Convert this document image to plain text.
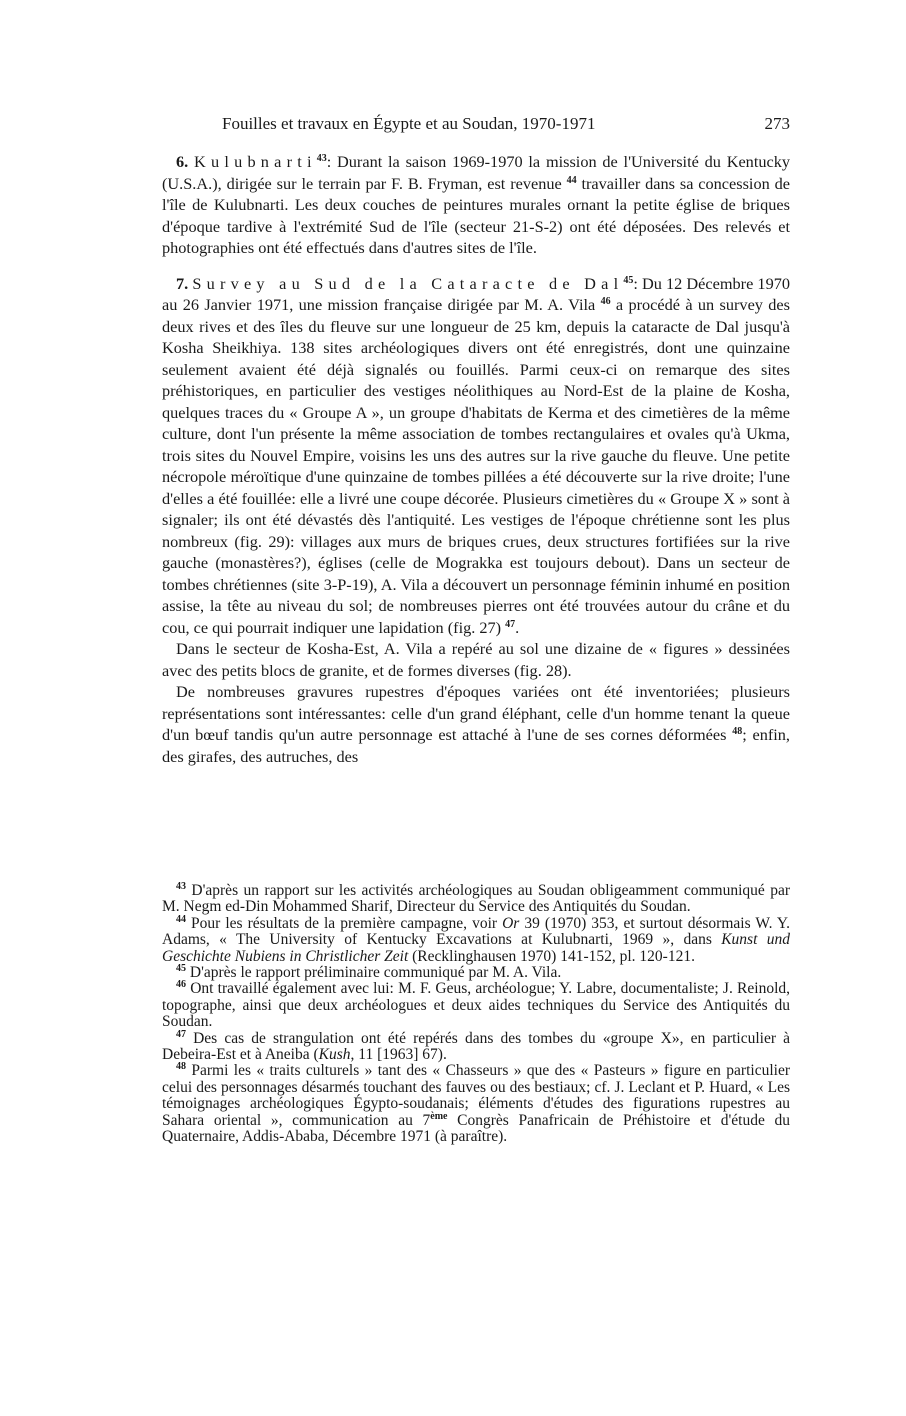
Fouilles et travaux en Égypte et au Soudan, 1970-1971	273

6. Kulubnarti$^{43}$: Durant la saison 1969-1970 la mission de l'Université du Kentucky (U.S.A.), dirigée sur le terrain par F. B. Fryman, est revenue $^{44}$ travailler dans sa concession de l'île de Kulubnarti. Les deux couches de peintures murales ornant la petite église de briques d'époque tardive à l'extrémité Sud de l'île (secteur 21-S-2) ont été déposées. Des relevés et photographies ont été effectués dans d'autres sites de l'île.

7. Survey au Sud de la Cataracte de Dal$^{45}$: Du 12 Décembre 1970 au 26 Janvier 1971, une mission française dirigée par M. A. Vila $^{46}$ a procédé à un survey des deux rives et des îles du fleuve sur une longueur de 25 km, depuis la cataracte de Dal jusqu'à Kosha Sheikhiya. 138 sites archéologiques divers ont été enregistrés, dont une quinzaine seulement avaient été déjà signalés ou fouillés. Parmi ceux-ci on remarque des sites préhistoriques, en particulier des vestiges néolithiques au Nord-Est de la plaine de Kosha, quelques traces du « Groupe A », un groupe d'habitats de Kerma et des cimetières de la même culture, dont l'un présente la même association de tombes rectangulaires et ovales qu'à Ukma, trois sites du Nouvel Empire, voisins les uns des autres sur la rive gauche du fleuve. Une petite nécropole méroïtique d'une quinzaine de tombes pillées a été découverte sur la rive droite; l'une d'elles a été fouillée: elle a livré une coupe décorée. Plusieurs cimetières du « Groupe X » sont à signaler; ils ont été dévastés dès l'antiquité. Les vestiges de l'époque chrétienne sont les plus nombreux (fig. 29): villages aux murs de briques crues, deux structures fortifiées sur la rive gauche (monastères?), églises (celle de Mograkka est toujours debout). Dans un secteur de tombes chrétiennes (site 3-P-19), A. Vila a découvert un personnage féminin inhumé en position assise, la tête au niveau du sol; de nombreuses pierres ont été trouvées autour du crâne et du cou, ce qui pourrait indiquer une lapidation (fig. 27) $^{47}$.

Dans le secteur de Kosha-Est, A. Vila a repéré au sol une dizaine de « figures » dessinées avec des petits blocs de granite, et de formes diverses (fig. 28).

De nombreuses gravures rupestres d'époques variées ont été inventoriées; plusieurs représentations sont intéressantes: celle d'un grand éléphant, celle d'un homme tenant la queue d'un bœuf tandis qu'un autre personnage est attaché à l'une de ses cornes déformées $^{48}$; enfin, des girafes, des autruches, des

$^{43}$ D'après un rapport sur les activités archéologiques au Soudan obligeamment communiqué par M. Negm ed-Din Mohammed Sharif, Directeur du Service des Antiquités du Soudan.

$^{44}$ Pour les résultats de la première campagne, voir Or 39 (1970) 353, et surtout désormais W. Y. Adams, « The University of Kentucky Excavations at Kulubnarti, 1969 », dans Kunst und Geschichte Nubiens in Christlicher Zeit (Recklinghausen 1970) 141-152, pl. 120-121.

$^{45}$ D'après le rapport préliminaire communiqué par M. A. Vila.

$^{46}$ Ont travaillé également avec lui: M. F. Geus, archéologue; Y. Labre, documentaliste; J. Reinold, topographe, ainsi que deux archéologues et deux aides techniques du Service des Antiquités du Soudan.

$^{47}$ Des cas de strangulation ont été repérés dans des tombes du «groupe X», en particulier à Debeira-Est et à Aneiba (Kush, 11 [1963] 67).

$^{48}$ Parmi les « traits culturels » tant des « Chasseurs » que des « Pasteurs » figure en particulier celui des personnages désarmés touchant des fauves ou des bestiaux; cf. J. Leclant et P. Huard, « Les témoignages archéologiques Égypto-soudanais; éléments d'études des figurations rupestres au Sahara oriental », communication au 7ème Congrès Panafricain de Préhistoire et d'étude du Quaternaire, Addis-Ababa, Décembre 1971 (à paraître).
